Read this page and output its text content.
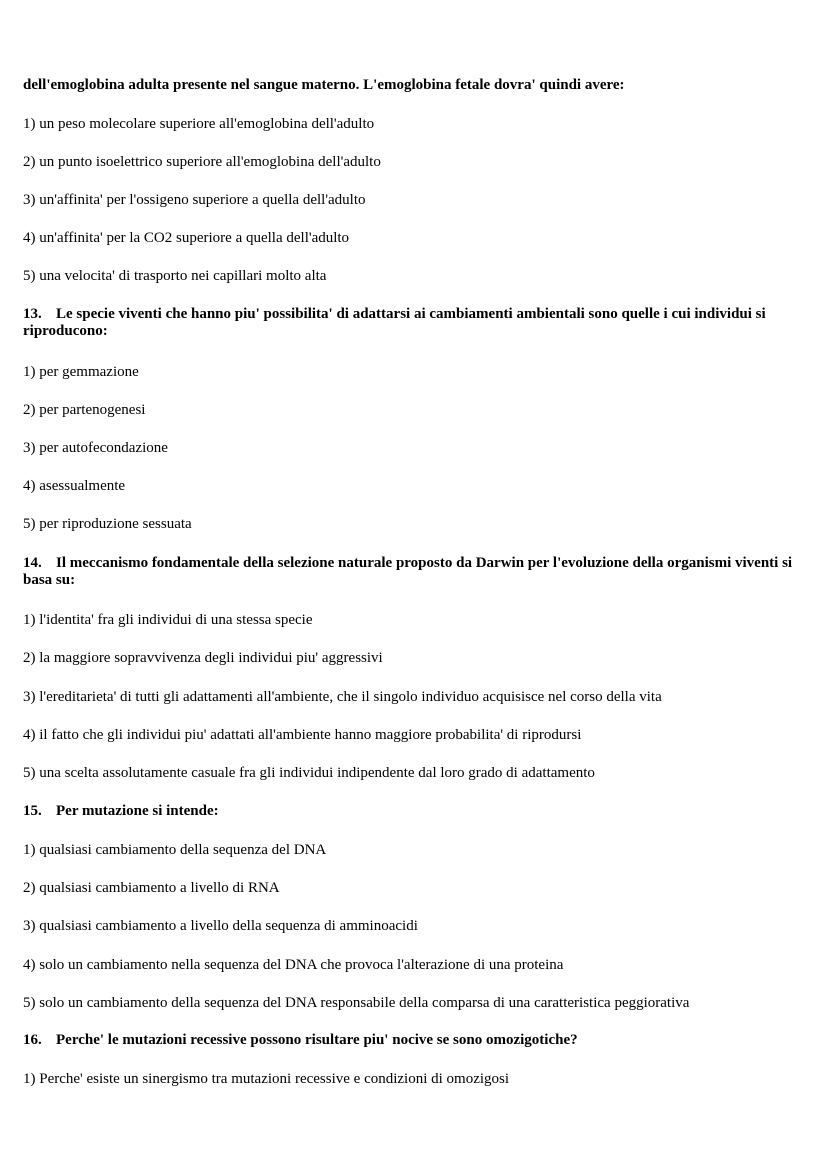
dell'emoglobina adulta presente nel sangue materno. L'emoglobina fetale dovra' quindi avere:
1) un peso molecolare superiore all'emoglobina dell'adulto
2) un punto isoelettrico superiore all'emoglobina dell'adulto
3) un'affinita' per l'ossigeno superiore a quella dell'adulto
4) un'affinita' per la CO2 superiore a quella dell'adulto
5) una velocita' di trasporto nei capillari molto alta
13. Le specie viventi che hanno piu' possibilita' di adattarsi ai cambiamenti ambientali sono quelle i cui individui si riproducono:
1) per gemmazione
2) per partenogenesi
3) per autofecondazione
4) asessualmente
5) per riproduzione sessuata
14. Il meccanismo fondamentale della selezione naturale proposto da Darwin per l'evoluzione della organismi viventi si basa su:
1) l'identita' fra gli individui di una stessa specie
2) la maggiore sopravvivenza degli individui piu' aggressivi
3) l'ereditarieta' di tutti gli adattamenti all'ambiente, che il singolo individuo acquisisce nel corso della vita
4) il fatto che gli individui piu' adattati all'ambiente hanno maggiore probabilita' di riprodursi
5) una scelta assolutamente casuale fra gli individui indipendente dal loro grado di adattamento
15. Per mutazione si intende:
1) qualsiasi cambiamento della sequenza del DNA
2) qualsiasi cambiamento a livello di RNA
3) qualsiasi cambiamento a livello della sequenza di amminoacidi
4) solo un cambiamento nella sequenza del DNA che provoca l'alterazione di una proteina
5) solo un cambiamento della sequenza del DNA responsabile della comparsa di una caratteristica peggiorativa
16. Perche' le mutazioni recessive possono risultare piu' nocive se sono omozigotiche?
1) Perche' esiste un sinergismo tra mutazioni recessive e condizioni di omozigosi
